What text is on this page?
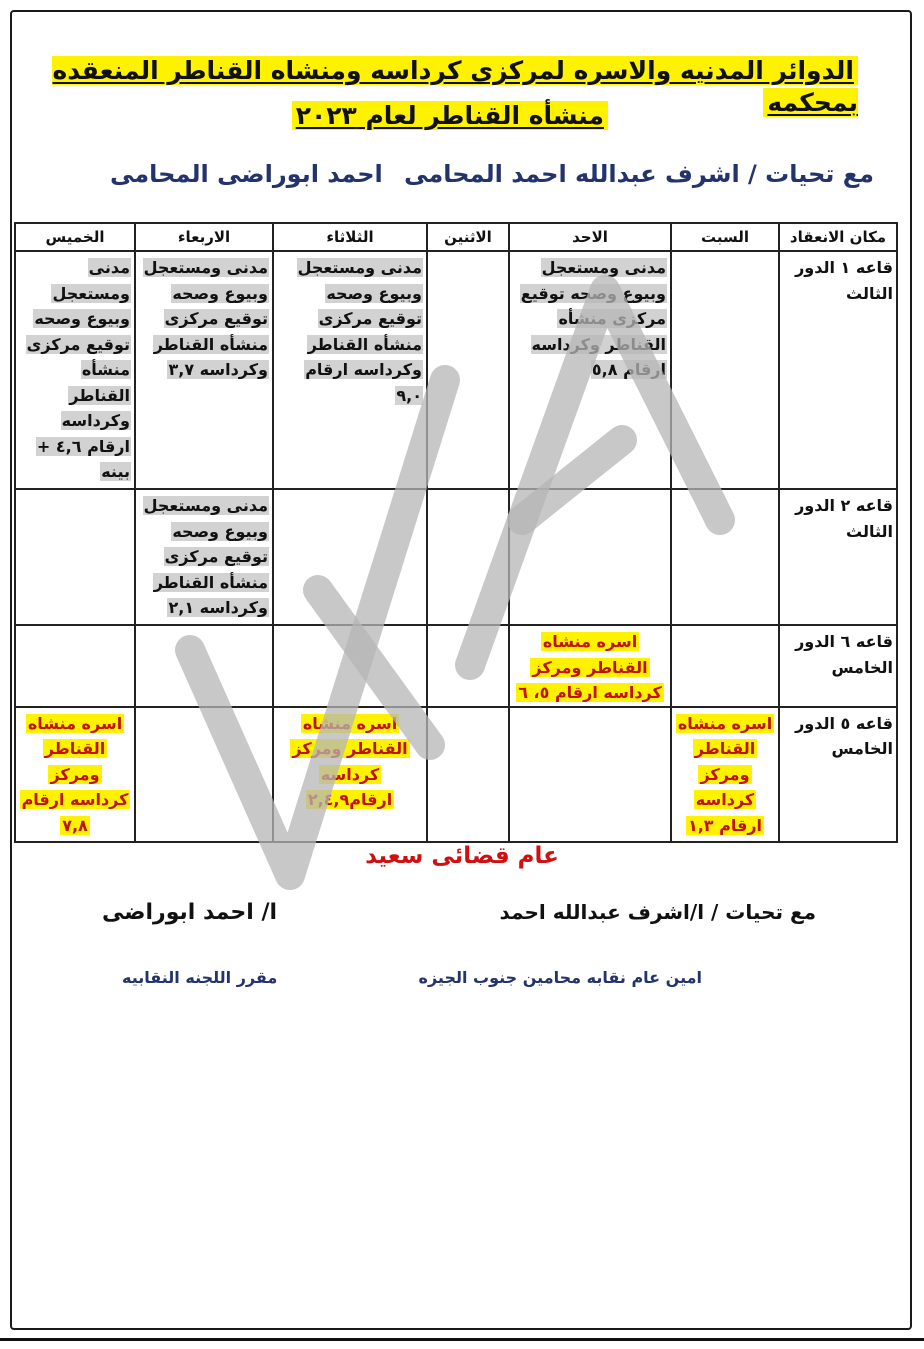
الدوائر المدنيه والاسره لمركزى كرداسه ومنشاه القناطر المنعقده بمحكمه
منشأه القناطر لعام ٢٠٢٣
مع تحيات / اشرف عبدالله احمد المحامى
احمد ابوراضى المحامى
مكان الانعقاد	السبت	الاحد	الاثنين	الثلاثاء	الاربعاء	الخميس
قاعه ١ الدور الثالث		مدنى ومستعجل وبيوع وصحه توقيع مركزى منشأه القناطر وكرداسه ارقام ٥,٨		مدنى ومستعجل وبيوع وصحه توقيع مركزى منشأه القناطر وكرداسه ارقام ٩,٠	مدنى ومستعجل وبيوع وصحه توقيع مركزى منشأه القناطر وكرداسه ٣,٧	مدنى ومستعجل وبيوع وصحه توقيع مركزى منشأه القناطر وكرداسه ارقام ٤,٦ + بينه
قاعه ٢ الدور الثالث					مدنى ومستعجل وبيوع وصحه توقيع مركزى منشأه القناطر وكرداسه ٢,١	
قاعه ٦ الدور الخامس		اسره منشاه القناطر ومركز كرداسه ارقام ٥، ٦				
قاعه ٥ الدور الخامس	اسره منشاه القناطر ومركز كرداسه ارقام ١,٣			اسره منشاه القناطر ومركز كرداسه ارقام٢,٤,٩		اسره منشاه القناطر ومركز كرداسه ارقام ٧,٨
عام قضائى سعيد
مع تحيات / ا/اشرف عبدالله احمد
ا/ احمد ابوراضى
امين عام نقابه محامين جنوب الجيزه
مقرر اللجنه النقابيه
